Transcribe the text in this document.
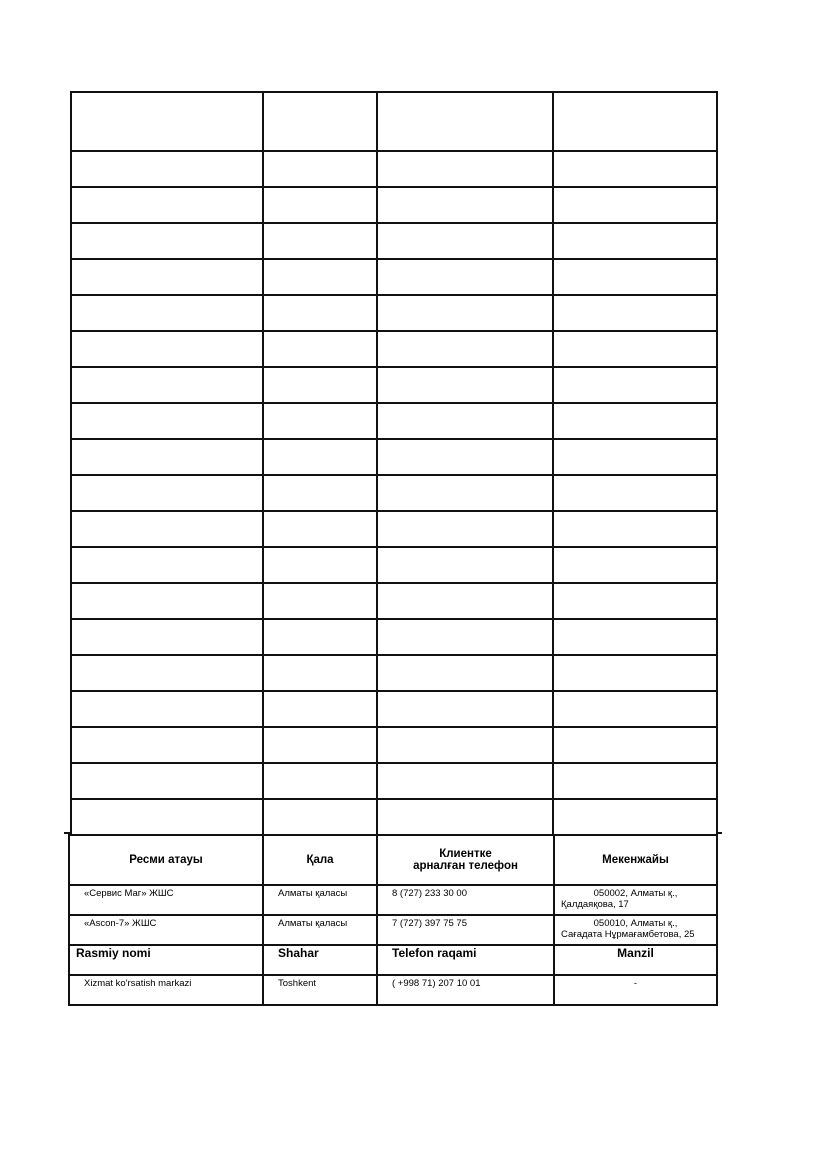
Ресми атауы	Қала	Клиентке
арналған телефон	Мекенжайы
«Сервис Маг» ЖШС	Алматы қаласы	8 (727) 233 30 00	050002, Алматы қ.,
Қалдаяқова, 17

«Ascon-7» ЖШС	Алматы қаласы	7 (727) 397 75 75	050010, Алматы қ.,
Сағадата Нұрмағамбетова, 25

Rasmiy nomi	Shahar	Telefon raqami	Manzil
Xizmat ko'rsatish markazi	Toshkent	( +998 71) 207 10 01	-
